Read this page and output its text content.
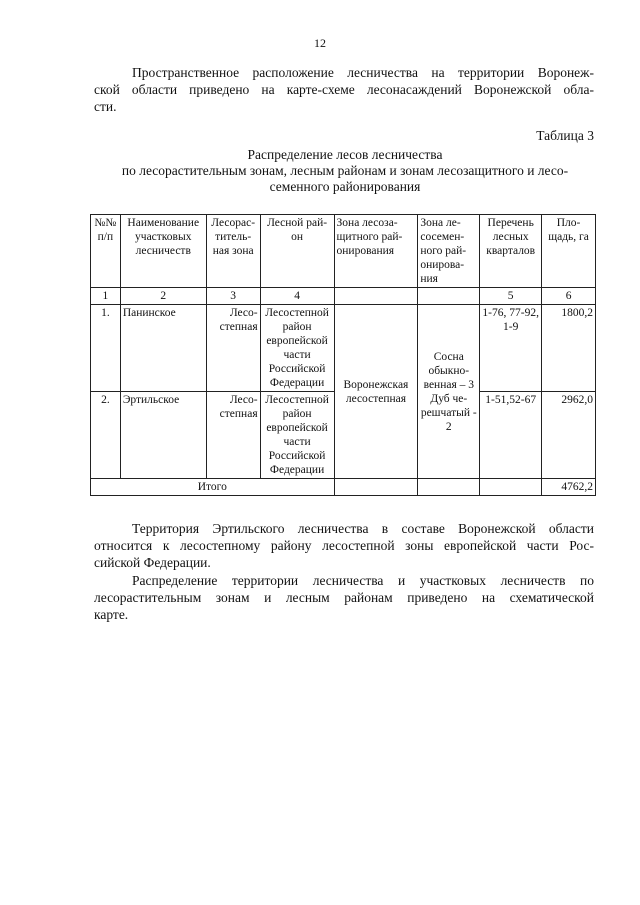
12

Пространственное расположение лесничества на территории Воронеж-
ской области приведено на карте-схеме лесонасаждений Воронежской обла-
сти.

Таблица 3
Распределение лесов лесничества
по лесорастительным зонам, лесным районам и зонам лесозащитного и лесо-
семенного районирования
№№ п/п	Наименование участковых лесничеств	Лесорас-титель-ная зона	Лесной рай-он	Зона лесоза-щитного рай-онирования	Зона ле-сосемен-ного рай-онирова-ния	Перечень лесных кварталов	Пло-щадь, га
1	2	3	4			5	6
1.	Панинское	Лесо-степная	Лесостепной район европейской части Российской Федерации	Воронежская лесостепная	Сосна обыкно-венная – 3 Дуб че-решчатый - 2	1-76, 77-92, 1-9	1800,2
2.	Эртильское	Лесо-степная	Лесостепной район европейской части Российской Федерации			1-51,52-67	2962,0
Итого							4762,2

Территория Эртильского лесничества в составе Воронежской области
относится к лесостепному району лесостепной зоны европейской части Рос-
сийской Федерации.

Распределение территории лесничества и участковых лесничеств по
лесорастительным зонам и лесным районам приведено на схематической
карте.
